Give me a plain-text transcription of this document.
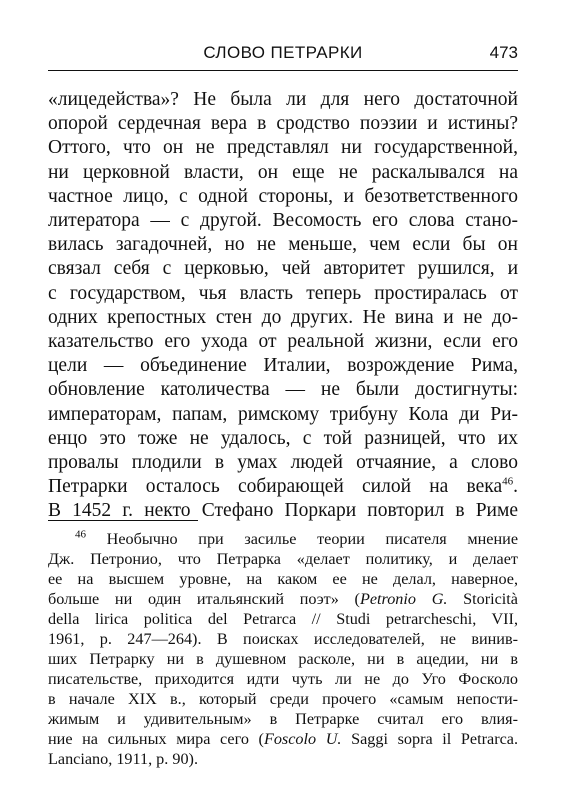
СЛОВО ПЕТРАРКИ	473
«лицедейства»? Не была ли для него достаточной
опорой сердечная вера в сродство поэзии и истины?
Оттого, что он не представлял ни государственной,
ни церковной власти, он еще не раскалывался на
частное лицо, с одной стороны, и безответственного
литератора — с другой. Весомость его слова стано-
вилась загадочней, но не меньше, чем если бы он
связал себя с церковью, чей авторитет рушился, и
с государством, чья власть теперь простиралась от
одних крепостных стен до других. Не вина и не до-
казательство его ухода от реальной жизни, если его
цели — объединение Италии, возрождение Рима,
обновление католичества — не были достигнуты:
императорам, папам, римскому трибуну Кола ди Ри-
енцо это тоже не удалось, с той разницей, что их
провалы плодили в умах людей отчаяние, а слово
Петрарки осталось собирающей силой на века$^{46}$.
В 1452 г. некто Стефано Поркари повторил в Риме
$^{46}$ Необычно при засилье теории писателя мнение
Дж. Петронио, что Петрарка «делает политику, и делает
ее на высшем уровне, на каком ее не делал, наверное,
больше ни один итальянский поэт» (Petronio G. Storicità
della lirica politica del Petrarca // Studi petrarcheschi, VII,
1961, p. 247—264). В поисках исследователей, не винив-
ших Петрарку ни в душевном расколе, ни в ацедии, ни в
писательстве, приходится идти чуть ли не до Уго Фосколо
в начале XIX в., который среди прочего «самым непости-
жимым и удивительным» в Петрарке считал его влия-
ние на сильных мира сего (Foscolo U. Saggi sopra il Petrarca.
Lanciano, 1911, p. 90).
